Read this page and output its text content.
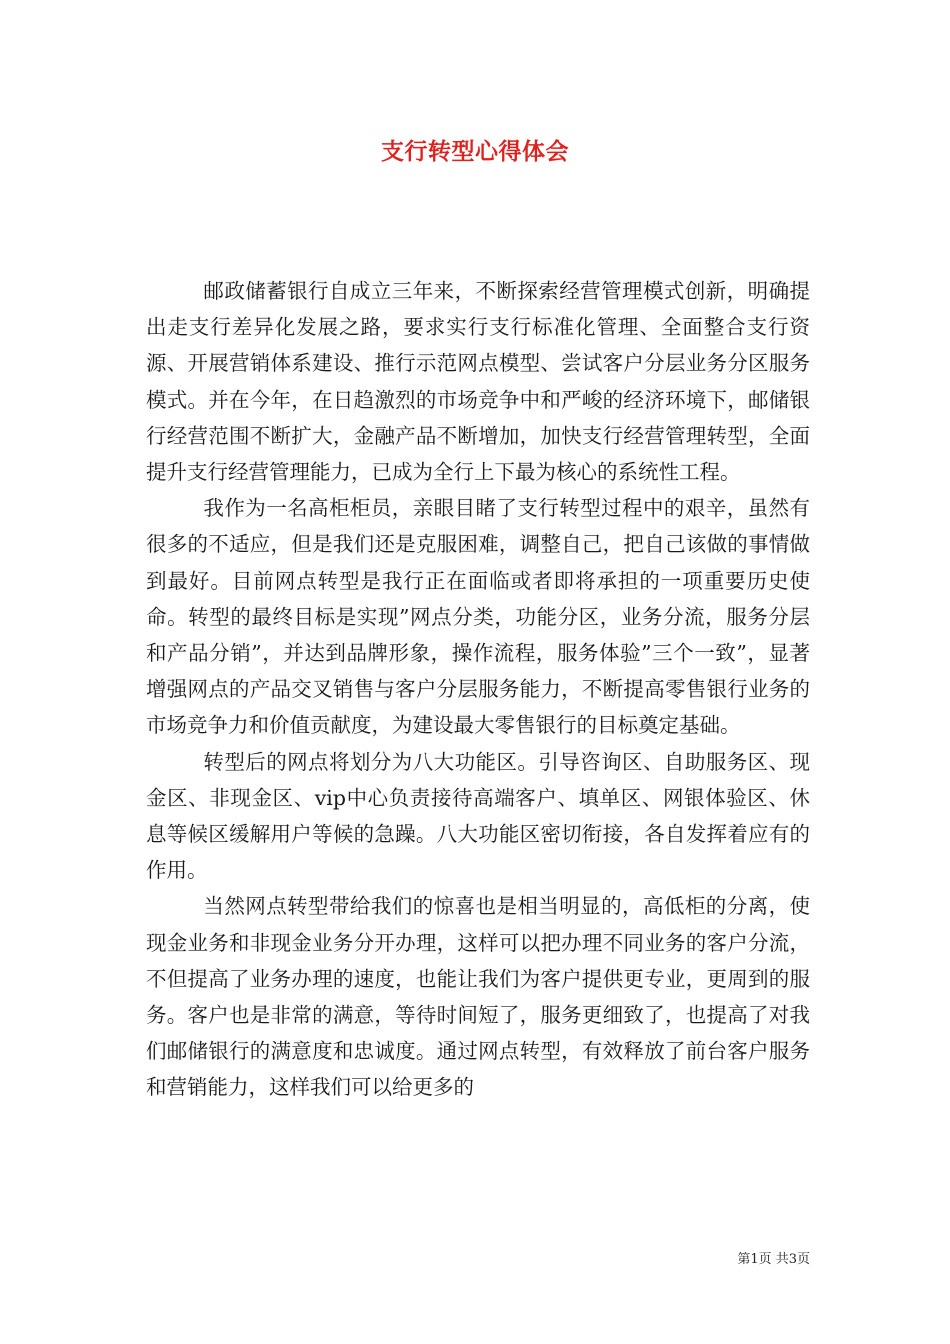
支行转型心得体会

邮政储蓄银行自成立三年来，不断探索经营管理模式创新，明确提出走支行差异化发展之路，要求实行支行标准化管理、全面整合支行资源、开展营销体系建设、推行示范网点模型、尝试客户分层业务分区服务模式。并在今年，在日趋激烈的市场竞争中和严峻的经济环境下，邮储银行经营范围不断扩大，金融产品不断增加，加快支行经营管理转型，全面提升支行经营管理能力，已成为全行上下最为核心的系统性工程。

我作为一名高柜柜员，亲眼目睹了支行转型过程中的艰辛，虽然有很多的不适应，但是我们还是克服困难，调整自己，把自己该做的事情做到最好。目前网点转型是我行正在面临或者即将承担的一项重要历史使命。转型的最终目标是实现”网点分类，功能分区，业务分流，服务分层和产品分销”，并达到品牌形象，操作流程，服务体验”三个一致”，显著增强网点的产品交叉销售与客户分层服务能力，不断提高零售银行业务的市场竞争力和价值贡献度，为建设最大零售银行的目标奠定基础。

转型后的网点将划分为八大功能区。引导咨询区、自助服务区、现金区、非现金区、vip中心负责接待高端客户、填单区、网银体验区、休息等候区缓解用户等候的急躁。八大功能区密切衔接，各自发挥着应有的作用。

当然网点转型带给我们的惊喜也是相当明显的，高低柜的分离，使现金业务和非现金业务分开办理，这样可以把办理不同业务的客户分流，不但提高了业务办理的速度，也能让我们为客户提供更专业，更周到的服务。客户也是非常的满意，等待时间短了，服务更细致了，也提高了对我们邮储银行的满意度和忠诚度。通过网点转型，有效释放了前台客户服务和营销能力，这样我们可以给更多的

第1页 共3页
